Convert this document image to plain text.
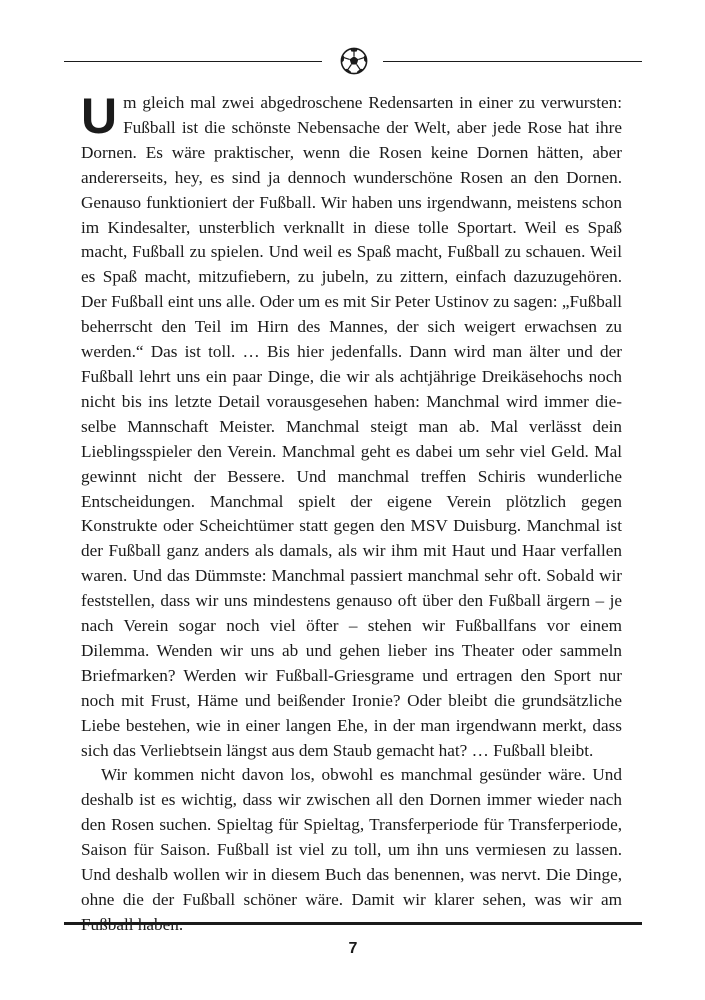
Um gleich mal zwei abgedroschene Redensarten in einer zu verwursten: Fußball ist die schönste Nebensache der Welt, aber jede Rose hat ihre Dornen. Es wäre praktischer, wenn die Rosen keine Dornen hätten, aber andererseits, hey, es sind ja dennoch wunderschöne Rosen an den Dornen. Genauso funktioniert der Fußball. Wir haben uns irgendwann, meistens schon im Kindesalter, unsterblich verknallt in diese tolle Sportart. Weil es Spaß macht, Fußball zu spielen. Und weil es Spaß macht, Fußball zu schauen. Weil es Spaß macht, mitzufiebern, zu jubeln, zu zittern, einfach dazuzugehören. Der Fußball eint uns alle. Oder um es mit Sir Peter Ustinov zu sagen: „Fußball beherrscht den Teil im Hirn des Mannes, der sich weigert erwachsen zu werden.“ Das ist toll. … Bis hier jedenfalls. Dann wird man älter und der Fußball lehrt uns ein paar Dinge, die wir als achtjährige Dreikäsehochs noch nicht bis ins letzte Detail vorausgesehen haben: Manchmal wird immer dieselbe Mannschaft Meister. Manchmal steigt man ab. Mal verlässt dein Lieblingsspieler den Verein. Manchmal geht es dabei um sehr viel Geld. Mal gewinnt nicht der Bessere. Und manchmal treffen Schiris wunderliche Entscheidungen. Manchmal spielt der eigene Verein plötzlich gegen Konstrukte oder Scheichtümer statt gegen den MSV Duisburg. Manchmal ist der Fußball ganz anders als damals, als wir ihm mit Haut und Haar verfallen waren. Und das Dümmste: Manchmal passiert manchmal sehr oft. Sobald wir feststellen, dass wir uns mindestens genauso oft über den Fußball ärgern – je nach Verein sogar noch viel öfter – stehen wir Fußballfans vor einem Dilemma. Wenden wir uns ab und gehen lieber ins Theater oder sammeln Briefmarken? Werden wir Fußball-Griesgrame und ertragen den Sport nur noch mit Frust, Häme und beißender Ironie? Oder bleibt die grundsätzliche Liebe bestehen, wie in einer langen Ehe, in der man irgendwann merkt, dass sich das Verliebtsein längst aus dem Staub gemacht hat? … Fußball bleibt.

Wir kommen nicht davon los, obwohl es manchmal gesünder wäre. Und deshalb ist es wichtig, dass wir zwischen all den Dornen immer wieder nach den Rosen suchen. Spieltag für Spieltag, Transferperiode für Transferperiode, Saison für Saison. Fußball ist viel zu toll, um ihn uns vermiesen zu lassen. Und deshalb wollen wir in diesem Buch das benennen, was nervt. Die Dinge, ohne die der Fußball schöner wäre. Damit wir klarer sehen, was wir am Fußball haben.

7
